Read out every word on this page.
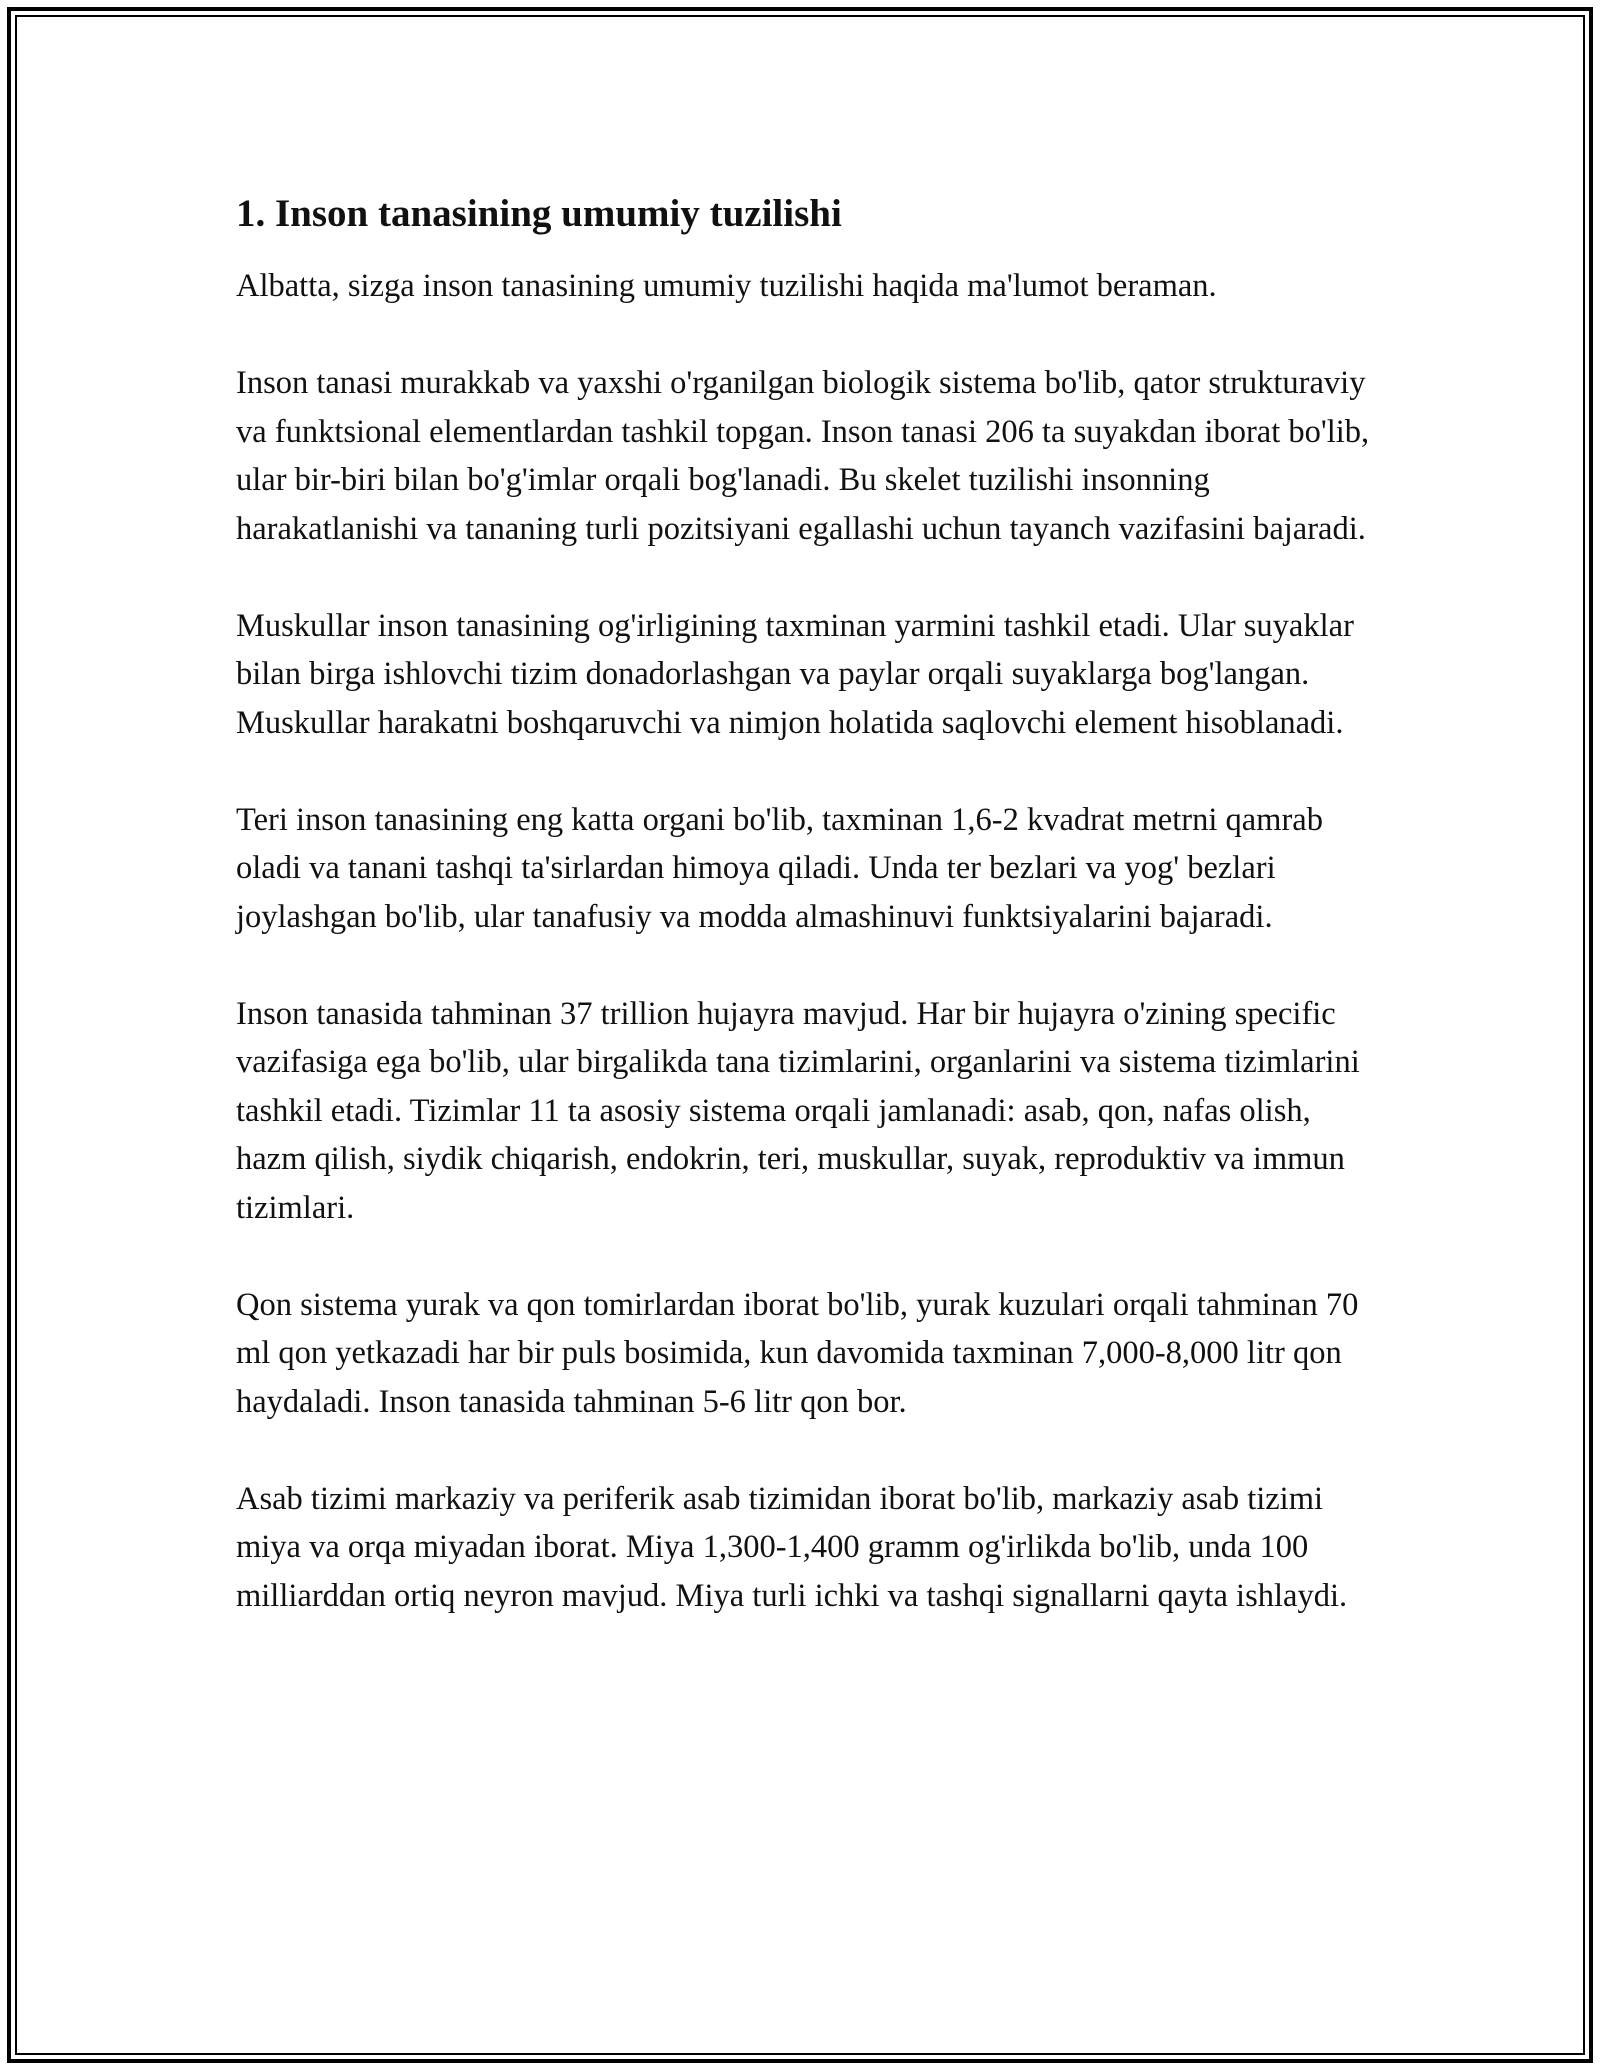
1. Inson tanasining umumiy tuzilishi

Albatta, sizga inson tanasining umumiy tuzilishi haqida ma'lumot beraman.

Inson tanasi murakkab va yaxshi o'rganilgan biologik sistema bo'lib, qator strukturaviy va funktsional elementlardan tashkil topgan. Inson tanasi 206 ta suyakdan iborat bo'lib, ular bir-biri bilan bo'g'imlar orqali bog'lanadi. Bu skelet tuzilishi insonning harakatlanishi va tananing turli pozitsiyani egallashi uchun tayanch vazifasini bajaradi.

Muskullar inson tanasining og'irligining taxminan yarmini tashkil etadi. Ular suyaklar bilan birga ishlovchi tizim donadorlashgan va paylar orqali suyaklarga bog'langan. Muskullar harakatni boshqaruvchi va nimjon holatida saqlovchi element hisoblanadi.

Teri inson tanasining eng katta organi bo'lib, taxminan 1,6-2 kvadrat metrni qamrab oladi va tanani tashqi ta'sirlardan himoya qiladi. Unda ter bezlari va yog' bezlari joylashgan bo'lib, ular tanafusiy va modda almashinuvi funktsiyalarini bajaradi.

Inson tanasida tahminan 37 trillion hujayra mavjud. Har bir hujayra o'zining specific vazifasiga ega bo'lib, ular birgalikda tana tizimlarini, organlarini va sistema tizimlarini tashkil etadi. Tizimlar 11 ta asosiy sistema orqali jamlanadi: asab, qon, nafas olish, hazm qilish, siydik chiqarish, endokrin, teri, muskullar, suyak, reproduktiv va immun tizimlari.

Qon sistema yurak va qon tomirlardan iborat bo'lib, yurak kuzulari orqali tahminan 70 ml qon yetkazadi har bir puls bosimida, kun davomida taxminan 7,000-8,000 litr qon haydaladi. Inson tanasida tahminan 5-6 litr qon bor.

Asab tizimi markaziy va periferik asab tizimidan iborat bo'lib, markaziy asab tizimi miya va orqa miyadan iborat. Miya 1,300-1,400 gramm og'irlikda bo'lib, unda 100 milliarddan ortiq neyron mavjud. Miya turli ichki va tashqi signallarni qayta ishlaydi.
